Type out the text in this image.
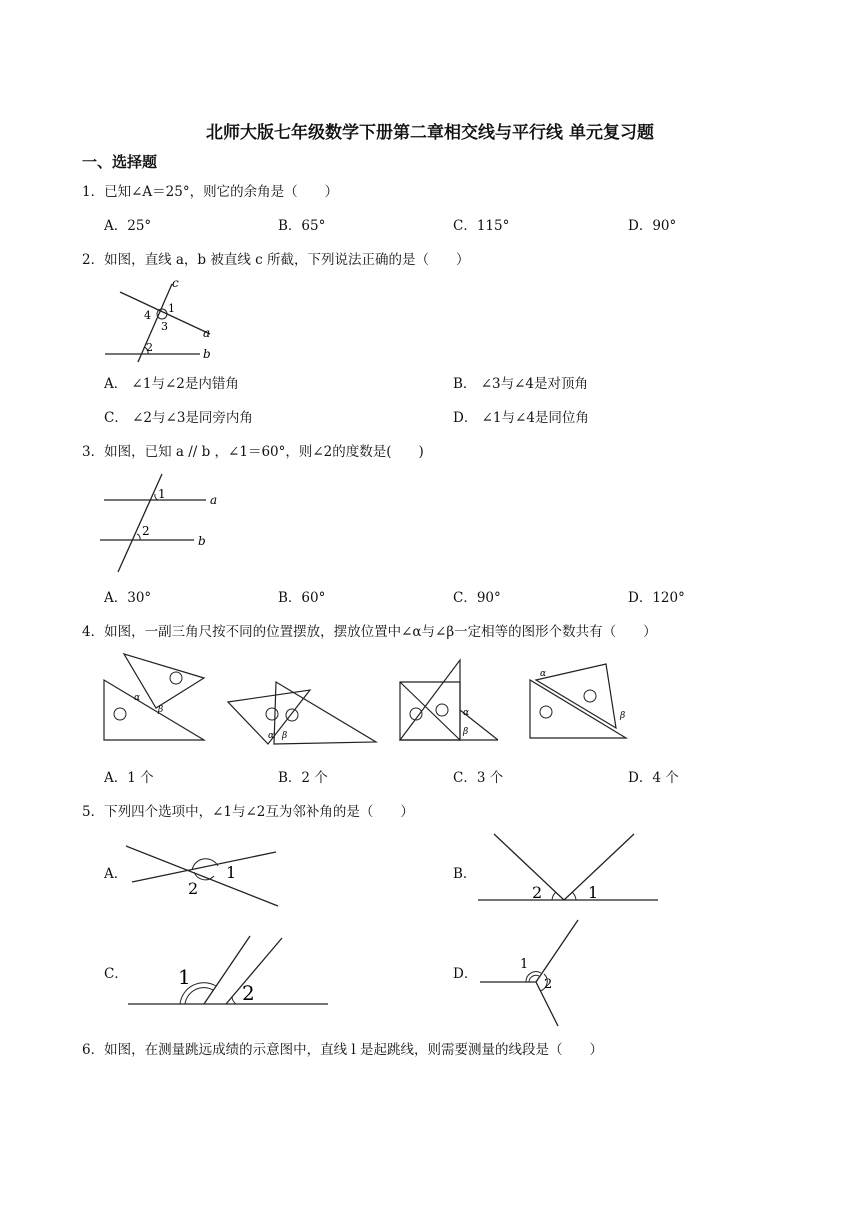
北师大版七年级数学下册第二章相交线与平行线 单元复习题
一、选择题
1．已知∠A＝25°，则它的余角是（　　）
A．25°	B．65°	C．115°	D．90°
2．如图，直线 a，b 被直线 c 所截，下列说法正确的是（　　）
c
a
b
1
2
3
4
A． ∠1与∠2是内错角	B． ∠3与∠4是对顶角
C． ∠2与∠3是同旁内角	D． ∠1与∠4是同位角
3．如图，已知 a // b ，∠1＝60°，则∠2的度数是(　　)
1
2
a
b
A．30°	B．60°	C．90°	D．120°
4．如图，一副三角尺按不同的位置摆放，摆放位置中∠α与∠β一定相等的图形个数共有（　　）
α
β
α β
α
β
α
β
A．1 个	B．2 个	C．3 个	D．4 个
5．下列四个选项中，∠1与∠2互为邻补角的是（　　）
A．	1
2
B．
2	1
C．	1
2
D．
1
2
6．如图，在测量跳远成绩的示意图中，直线 l 是起跳线，则需要测量的线段是（　　）
